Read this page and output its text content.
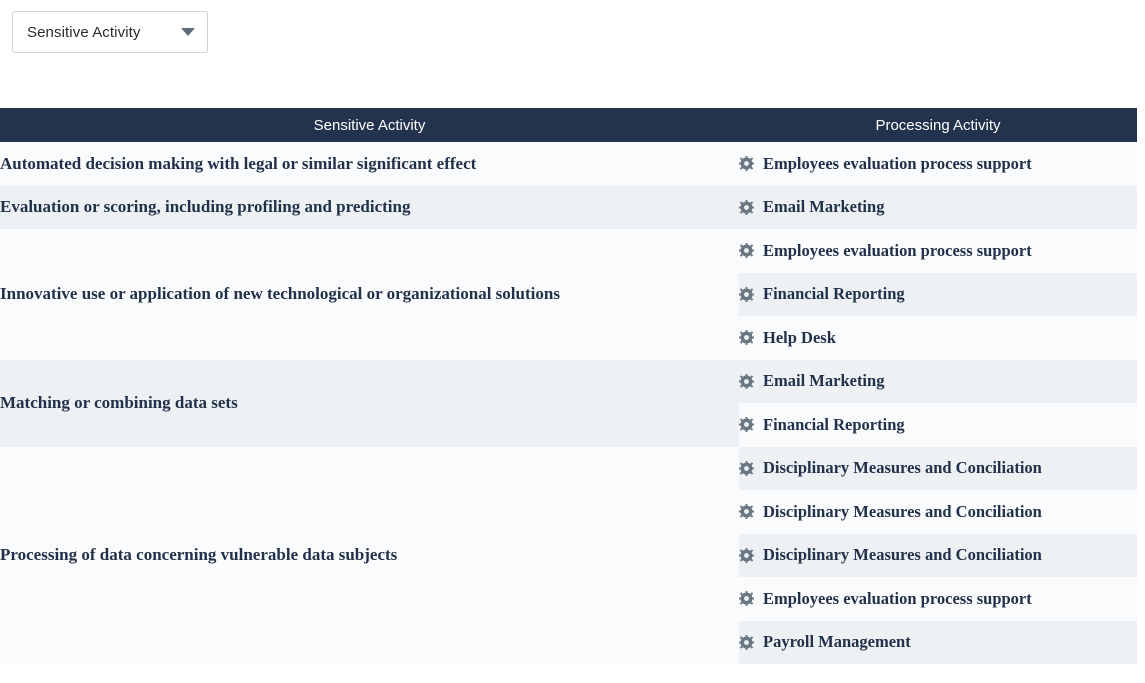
Sensitive Activity
Sensitive Activity	Processing Activity
Automated decision making with legal or similar significant effect	Employees evaluation process support

Evaluation or scoring, including profiling and predicting	Email Marketing

Innovative use or application of new technological or organizational solutions	Employees evaluation process support

	Financial Reporting

	Help Desk

Matching or combining data sets	Email Marketing

	Financial Reporting

Processing of data concerning vulnerable data subjects	Disciplinary Measures and Conciliation

	Disciplinary Measures and Conciliation

	Disciplinary Measures and Conciliation

	Employees evaluation process support

	Payroll Management
